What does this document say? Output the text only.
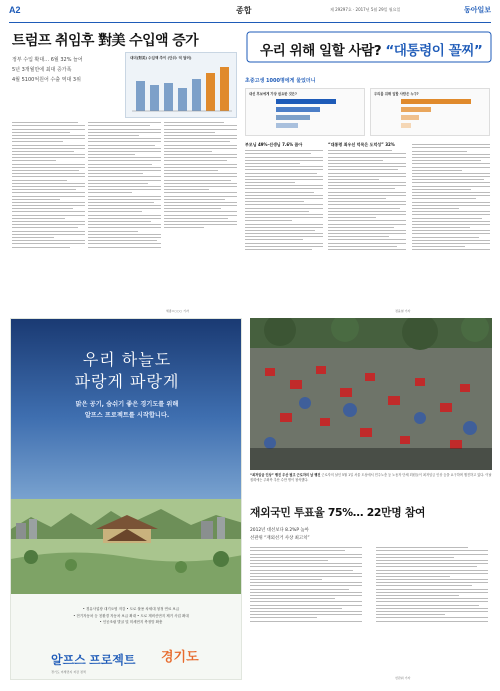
A2	종합	제 29297호 · 2017년 5월 29일 월요일	동아일보
트럼프 취임후 對美 수입액 증가
정부 수입 확대… 6월 32% 늘어
5년 3개월만에 최대 증가폭
4월 5100억원어 수출 역대 3위
대미(對美) 수입액 추이 (단위: 억 달러)
세종=○○○ 기자
우리 위해 일할 사람? “대통령이 꼴찌”
초중고생 1000명에게 물었더니
대선 후보에게 가장 필요한 것은?	우리를 위해 일할 사람은 누구?
부모님 49%·선생님 7.6% 꼽아	“대통령 최우선 덕목은 도덕성” 32%
정윤철 기자
우리 하늘도
파랑게 파랑게
맑은 공기, 숨쉬기 좋은 경기도를 위해
알프스 프로젝트를 시작합니다.
• 경유사업장 대기오염 저감 • 도로 불용 차세대 청정 연료 보급
• 전기자동차 등 친환경 자동차 보급 확대 • 도로 재비산먼지 제거 사업 확대
• 인공조림 발굴 및 미세먼지 측정망 확충
알프스 프로젝트
경기도 미세먼지 저감 정책
경기도
“최저임금 인상” 행진 우산 펼고 근로자의 날 행진 근로자의 날인 5월 1일 서울 도심에서 민주노총 등 노동자 단체 회원들이 최저임금 인상 등을 요구하며 행진하고 있다. 이날 집회에는 주최측 추산 수만 명이 참석했다.
재외국민 투표율 75%… 22만명 참여
2012년 대선보다 8.2%P 높아
선관위 “재외선거 사상 최고치”
선관위 기자
